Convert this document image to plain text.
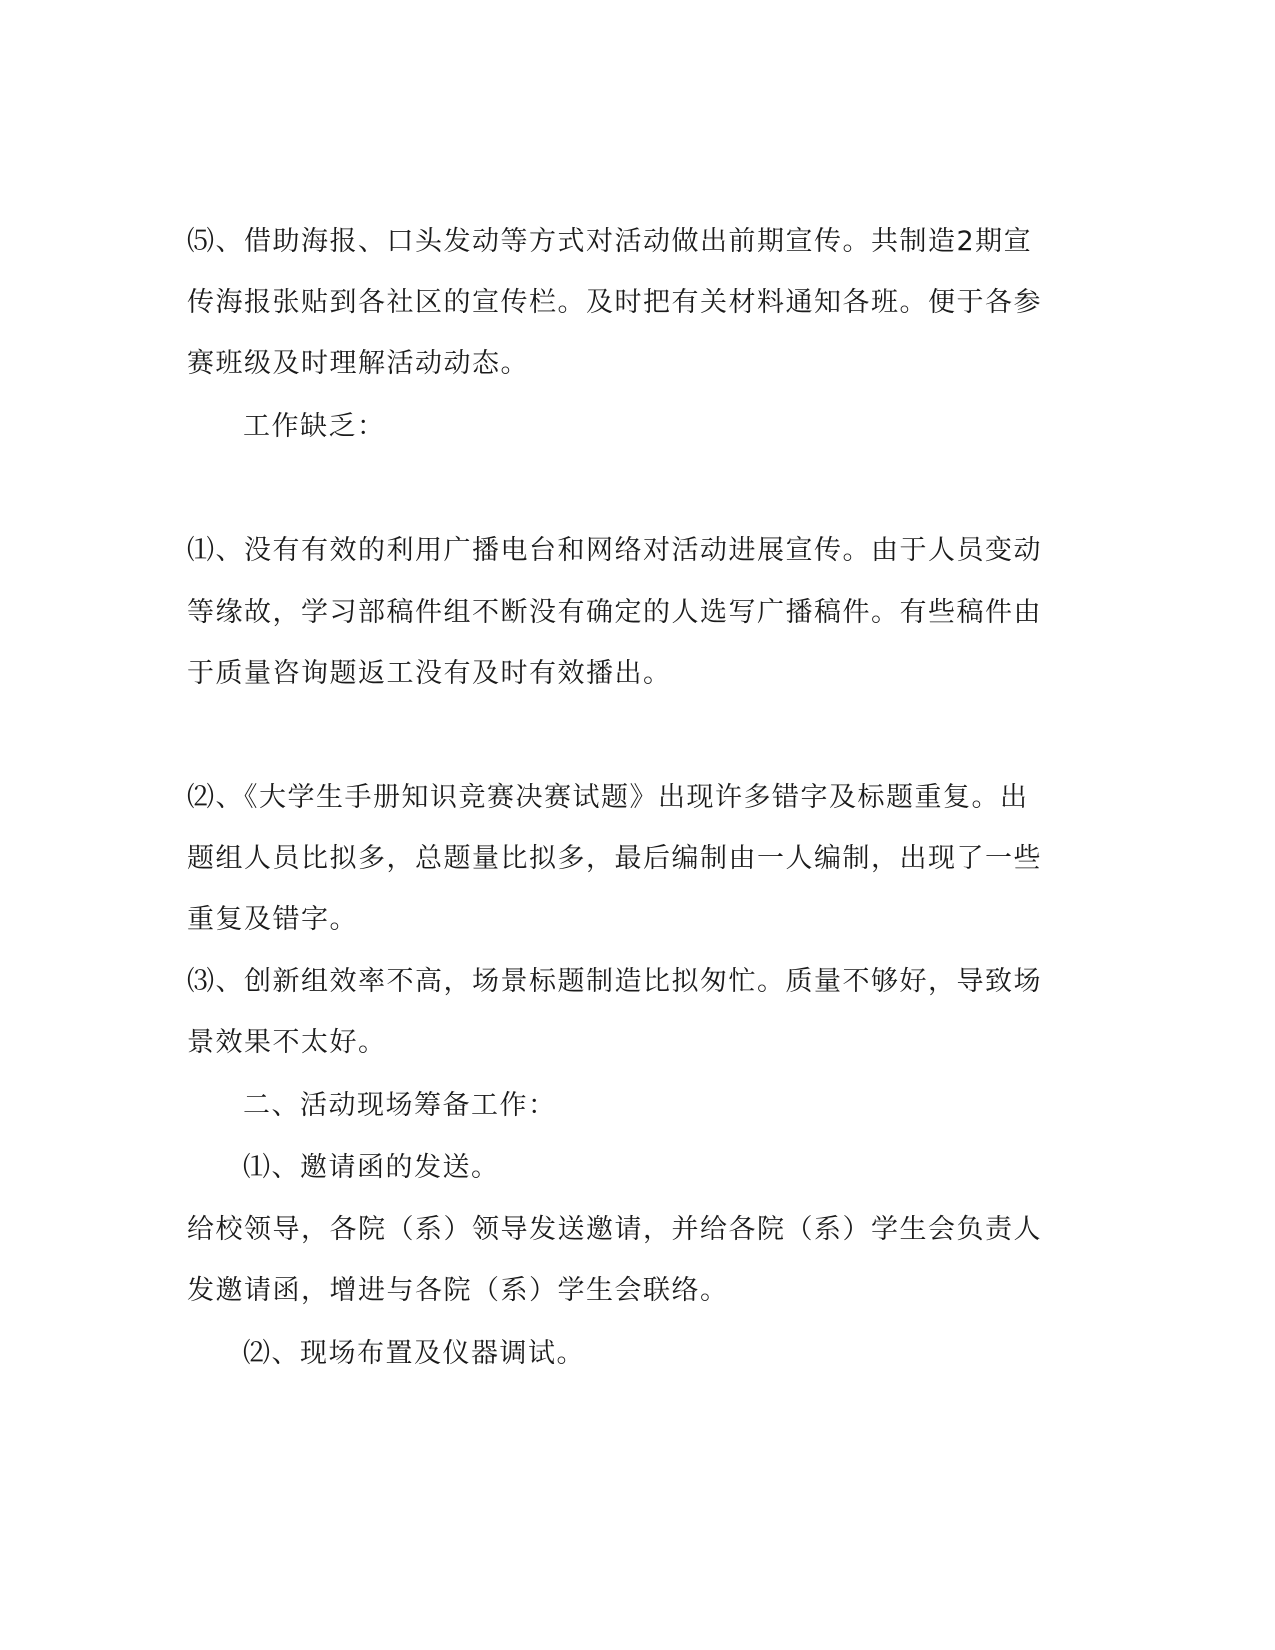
⑸、借助海报、口头发动等方式对活动做出前期宣传。共制造2期宣
传海报张贴到各社区的宣传栏。及时把有关材料通知各班。便于各参
赛班级及时理解活动动态。
工作缺乏：
⑴、没有有效的利用广播电台和网络对活动进展宣传。由于人员变动
等缘故，学习部稿件组不断没有确定的人选写广播稿件。有些稿件由
于质量咨询题返工没有及时有效播出。
⑵、《大学生手册知识竞赛决赛试题》出现许多错字及标题重复。出
题组人员比拟多，总题量比拟多，最后编制由一人编制，出现了一些
重复及错字。
⑶、创新组效率不高，场景标题制造比拟匆忙。质量不够好，导致场
景效果不太好。
二、活动现场筹备工作：
⑴、邀请函的发送。
给校领导，各院（系）领导发送邀请，并给各院（系）学生会负责人
发邀请函，增进与各院（系）学生会联络。
⑵、现场布置及仪器调试。
